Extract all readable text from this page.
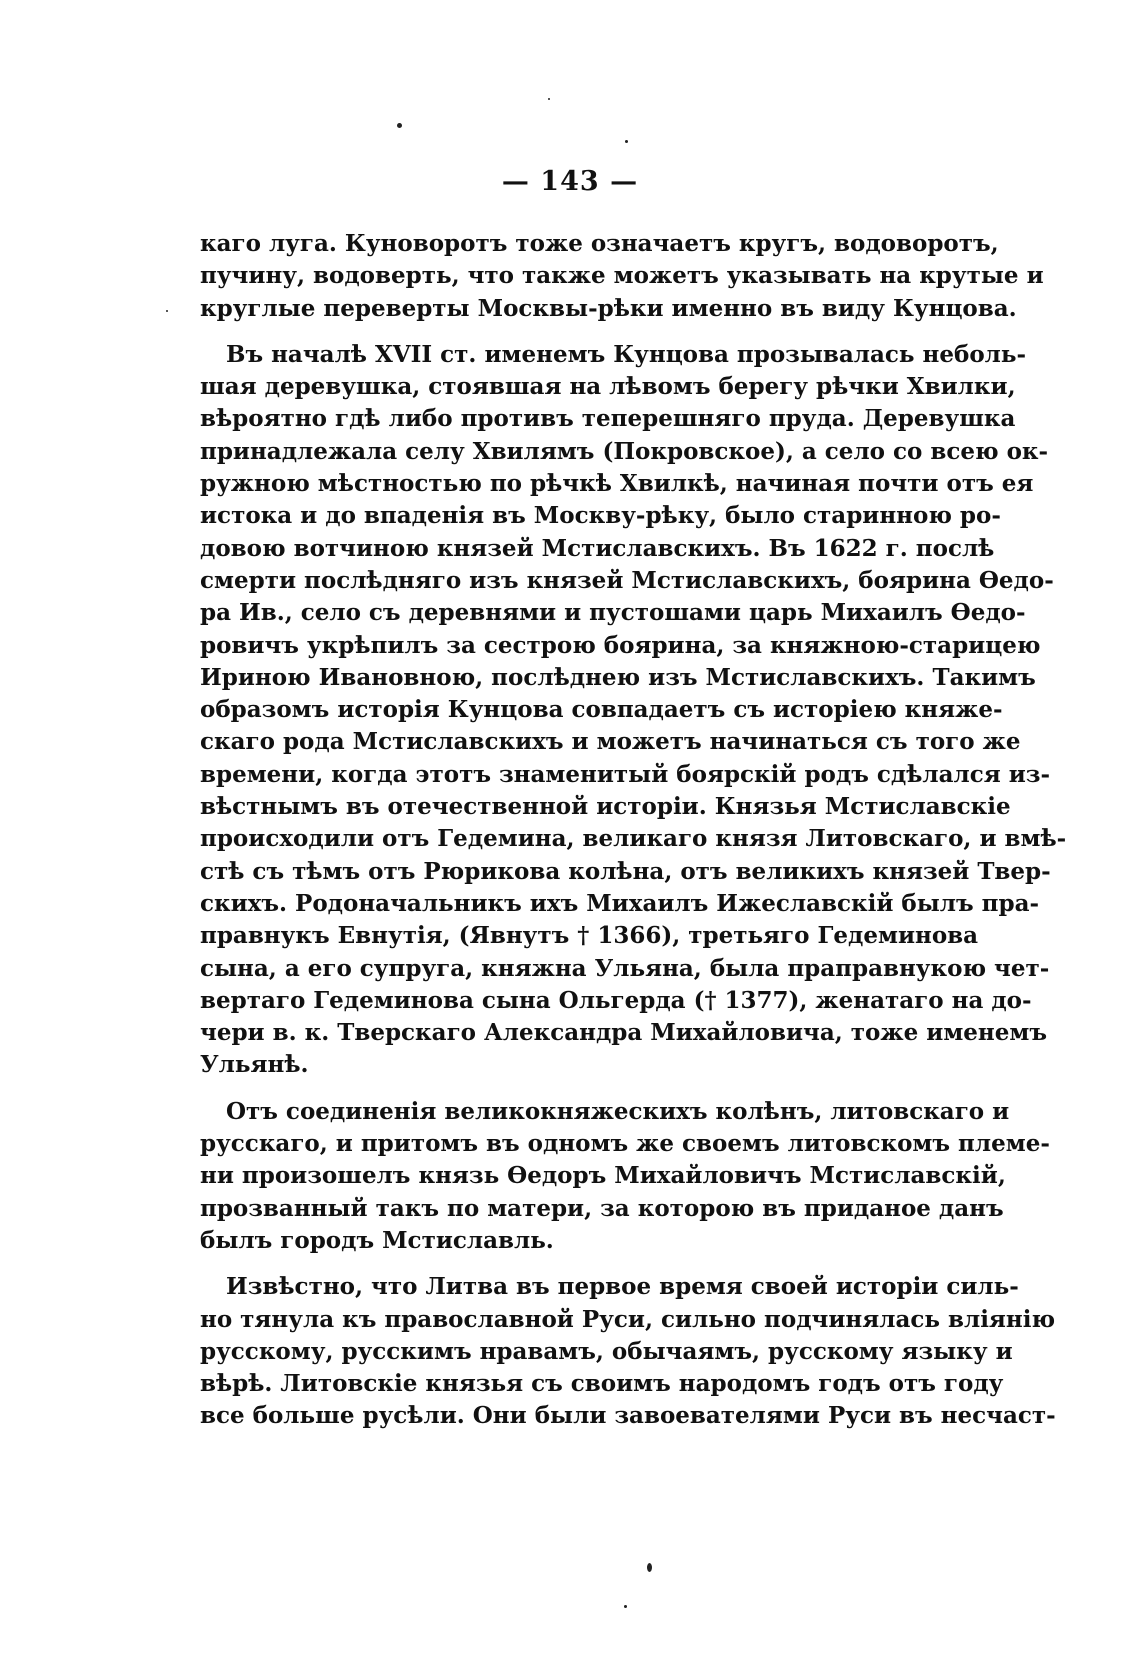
— 143 —
каго луга. Куноворотъ тоже означаетъ кругъ, водоворотъ,
пучину, водоверть, что также можетъ указывать на крутые и
круглые переверты Москвы-рѣки именно въ виду Кунцова.
Въ началѣ XVII ст. именемъ Кунцова прозывалась неболь-
шая деревушка, стоявшая на лѣвомъ берегу рѣчки Хвилки,
вѣроятно гдѣ либо противъ теперешняго пруда. Деревушка
принадлежала селу Хвилямъ (Покровское), а село со всею ок-
ружною мѣстностью по рѣчкѣ Хвилкѣ, начиная почти отъ ея
истока и до впаденія въ Москву-рѣку, было старинною ро-
довою вотчиною князей Мстиславскихъ. Въ 1622 г. послѣ
смерти послѣдняго изъ князей Мстиславскихъ, боярина Ѳедо-
ра Ив., село съ деревнями и пустошами царь Михаилъ Ѳедо-
ровичъ укрѣпилъ за сестрою боярина, за княжною-старицею
Ириною Ивановною, послѣднею изъ Мстиславскихъ. Такимъ
образомъ исторія Кунцова совпадаетъ съ исторіею княже-
скаго рода Мстиславскихъ и можетъ начинаться съ того же
времени, когда этотъ знаменитый боярскій родъ сдѣлался из-
вѣстнымъ въ отечественной исторіи. Князья Мстиславскіе
происходили отъ Гедемина, великаго князя Литовскаго, и вмѣ-
стѣ съ тѣмъ отъ Рюрикова колѣна, отъ великихъ князей Твер-
скихъ. Родоначальникъ ихъ Михаилъ Ижеславскій былъ пра-
правнукъ Евнутія, (Явнутъ † 1366), третьяго Гедеминова
сына, а его супруга, княжна Ульяна, была праправнукою чет-
вертаго Гедеминова сына Ольгерда († 1377), женатаго на до-
чери в. к. Тверскаго Александра Михайловича, тоже именемъ
Ульянѣ.
Отъ соединенія великокняжескихъ колѣнъ, литовскаго и
русскаго, и притомъ въ одномъ же своемъ литовскомъ племе-
ни произошелъ князь Ѳедоръ Михайловичъ Мстиславскій,
прозванный такъ по матери, за которою въ приданое данъ
былъ городъ Мстиславль.
Извѣстно, что Литва въ первое время своей исторіи силь-
но тянула къ православной Руси, сильно подчинялась вліянію
русскому, русскимъ нравамъ, обычаямъ, русскому языку и
вѣрѣ. Литовскіе князья съ своимъ народомъ годъ отъ году
все больше русѣли. Они были завоевателями Руси въ несчаст-
